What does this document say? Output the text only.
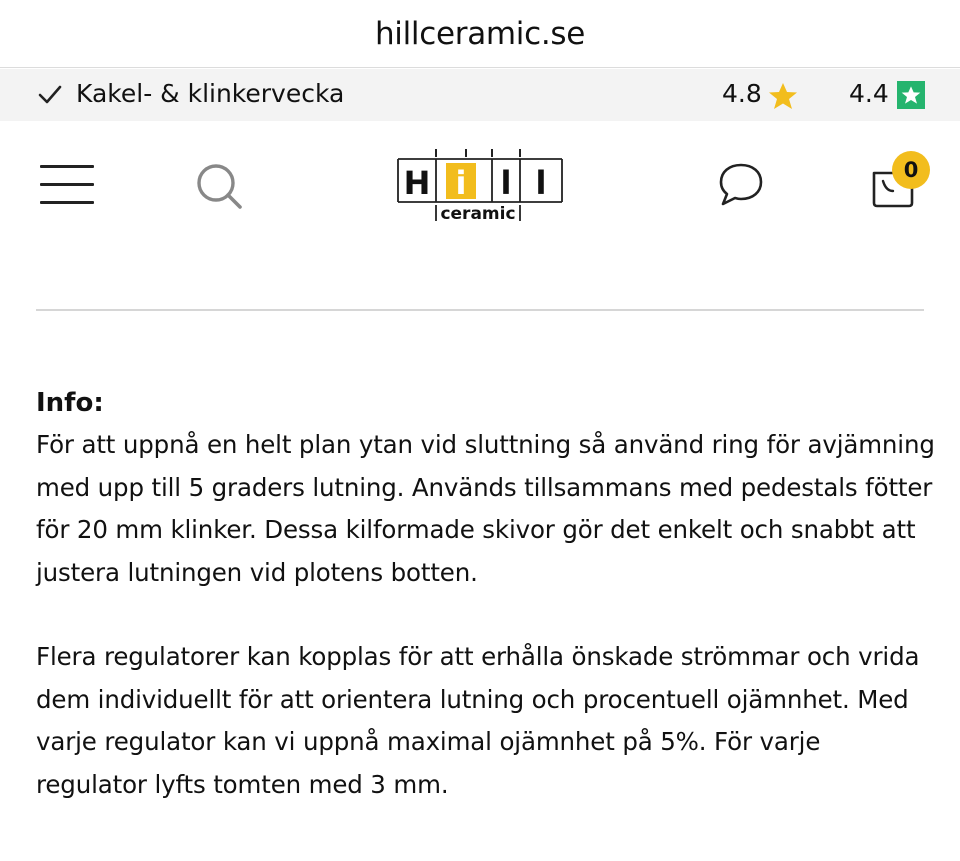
hillceramic.se
Kakel- & klinkervecka	4.8	4.4
H i l l
ceramic
0
Info:

För att uppnå en helt plan ytan vid sluttning så använd ring för avjämning med upp till 5 graders lutning. Används tillsammans med pedestals fötter för 20 mm klinker. Dessa kilformade skivor gör det enkelt och snabbt att justera lutningen vid plotens botten.

Flera regulatorer kan kopplas för att erhålla önskade strömmar och vrida dem individuellt för att orientera lutning och procentuell ojämnhet. Med varje regulator kan vi uppnå maximal ojämnhet på 5%. För varje regulator lyfts tomten med 3 mm.
